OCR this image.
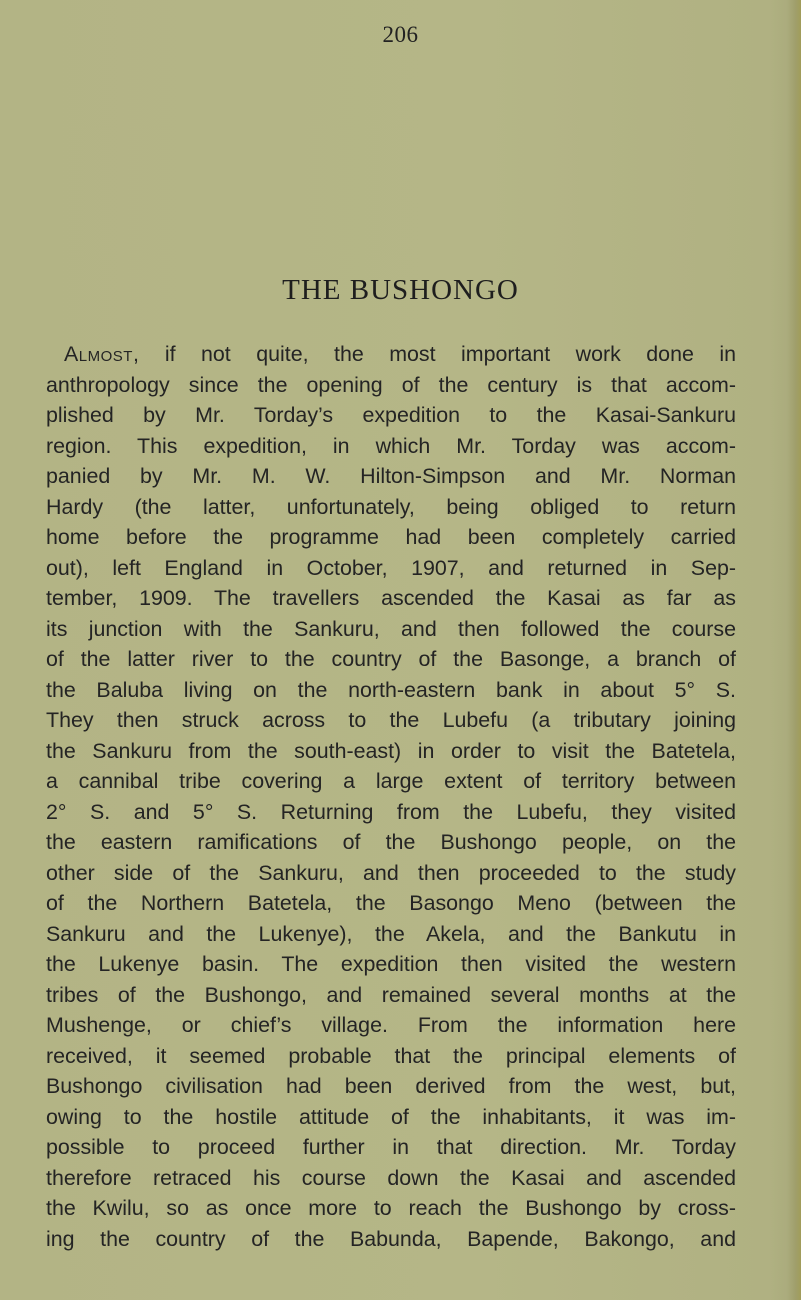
206
THE BUSHONGO
Almost, if not quite, the most important work done in
anthropology since the opening of the century is that accom-
plished by Mr. Torday’s expedition to the Kasai-Sankuru
region. This expedition, in which Mr. Torday was accom-
panied by Mr. M. W. Hilton-Simpson and Mr. Norman
Hardy (the latter, unfortunately, being obliged to return
home before the programme had been completely carried
out), left England in October, 1907, and returned in Sep-
tember, 1909. The travellers ascended the Kasai as far as
its junction with the Sankuru, and then followed the course
of the latter river to the country of the Basonge, a branch of
the Baluba living on the north-eastern bank in about 5° S.
They then struck across to the Lubefu (a tributary joining
the Sankuru from the south-east) in order to visit the Batetela,
a cannibal tribe covering a large extent of territory between
2° S. and 5° S. Returning from the Lubefu, they visited
the eastern ramifications of the Bushongo people, on the
other side of the Sankuru, and then proceeded to the study
of the Northern Batetela, the Basongo Meno (between the
Sankuru and the Lukenye), the Akela, and the Bankutu in
the Lukenye basin. The expedition then visited the western
tribes of the Bushongo, and remained several months at the
Mushenge, or chief’s village. From the information here
received, it seemed probable that the principal elements of
Bushongo civilisation had been derived from the west, but,
owing to the hostile attitude of the inhabitants, it was im-
possible to proceed further in that direction. Mr. Torday
therefore retraced his course down the Kasai and ascended
the Kwilu, so as once more to reach the Bushongo by cross-
ing the country of the Babunda, Bapende, Bakongo, and
